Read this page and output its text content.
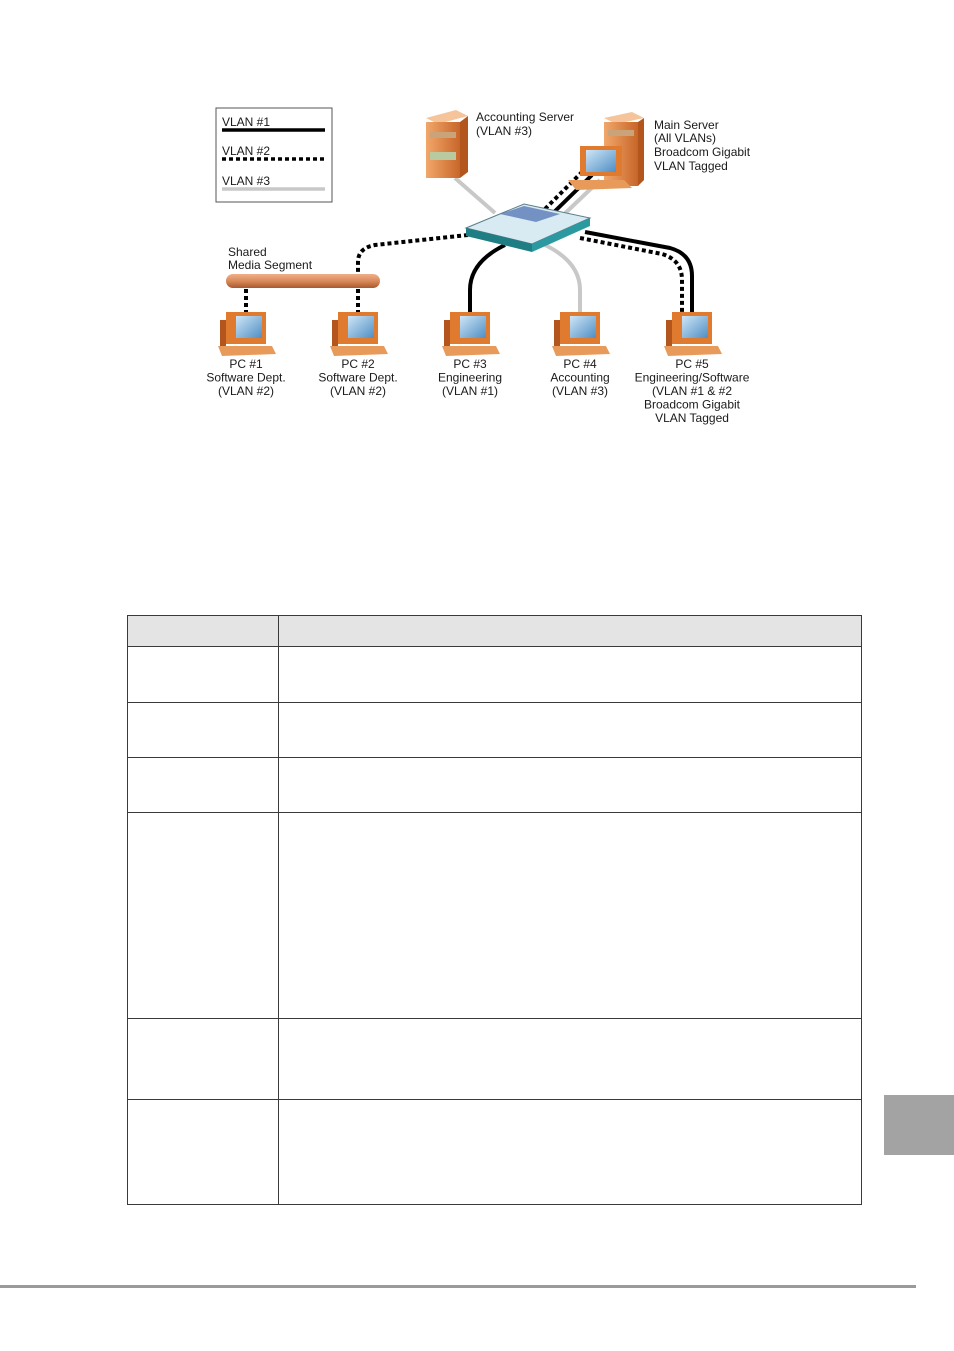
VLAN #1
VLAN #2
VLAN #3
Shared
Media Segment
Accounting Server
(VLAN #3)	Main Server
(All VLANs)
Broadcom Gigabit
VLAN Tagged
PC #1
Software Dept.
(VLAN #2)
PC #2
Software Dept.
(VLAN #2)
PC #3
Engineering
(VLAN #1)
PC #4
Accounting
(VLAN #3)
PC #5
Engineering/Software
(VLAN #1 & #2
Broadcom Gigabit
VLAN Tagged
